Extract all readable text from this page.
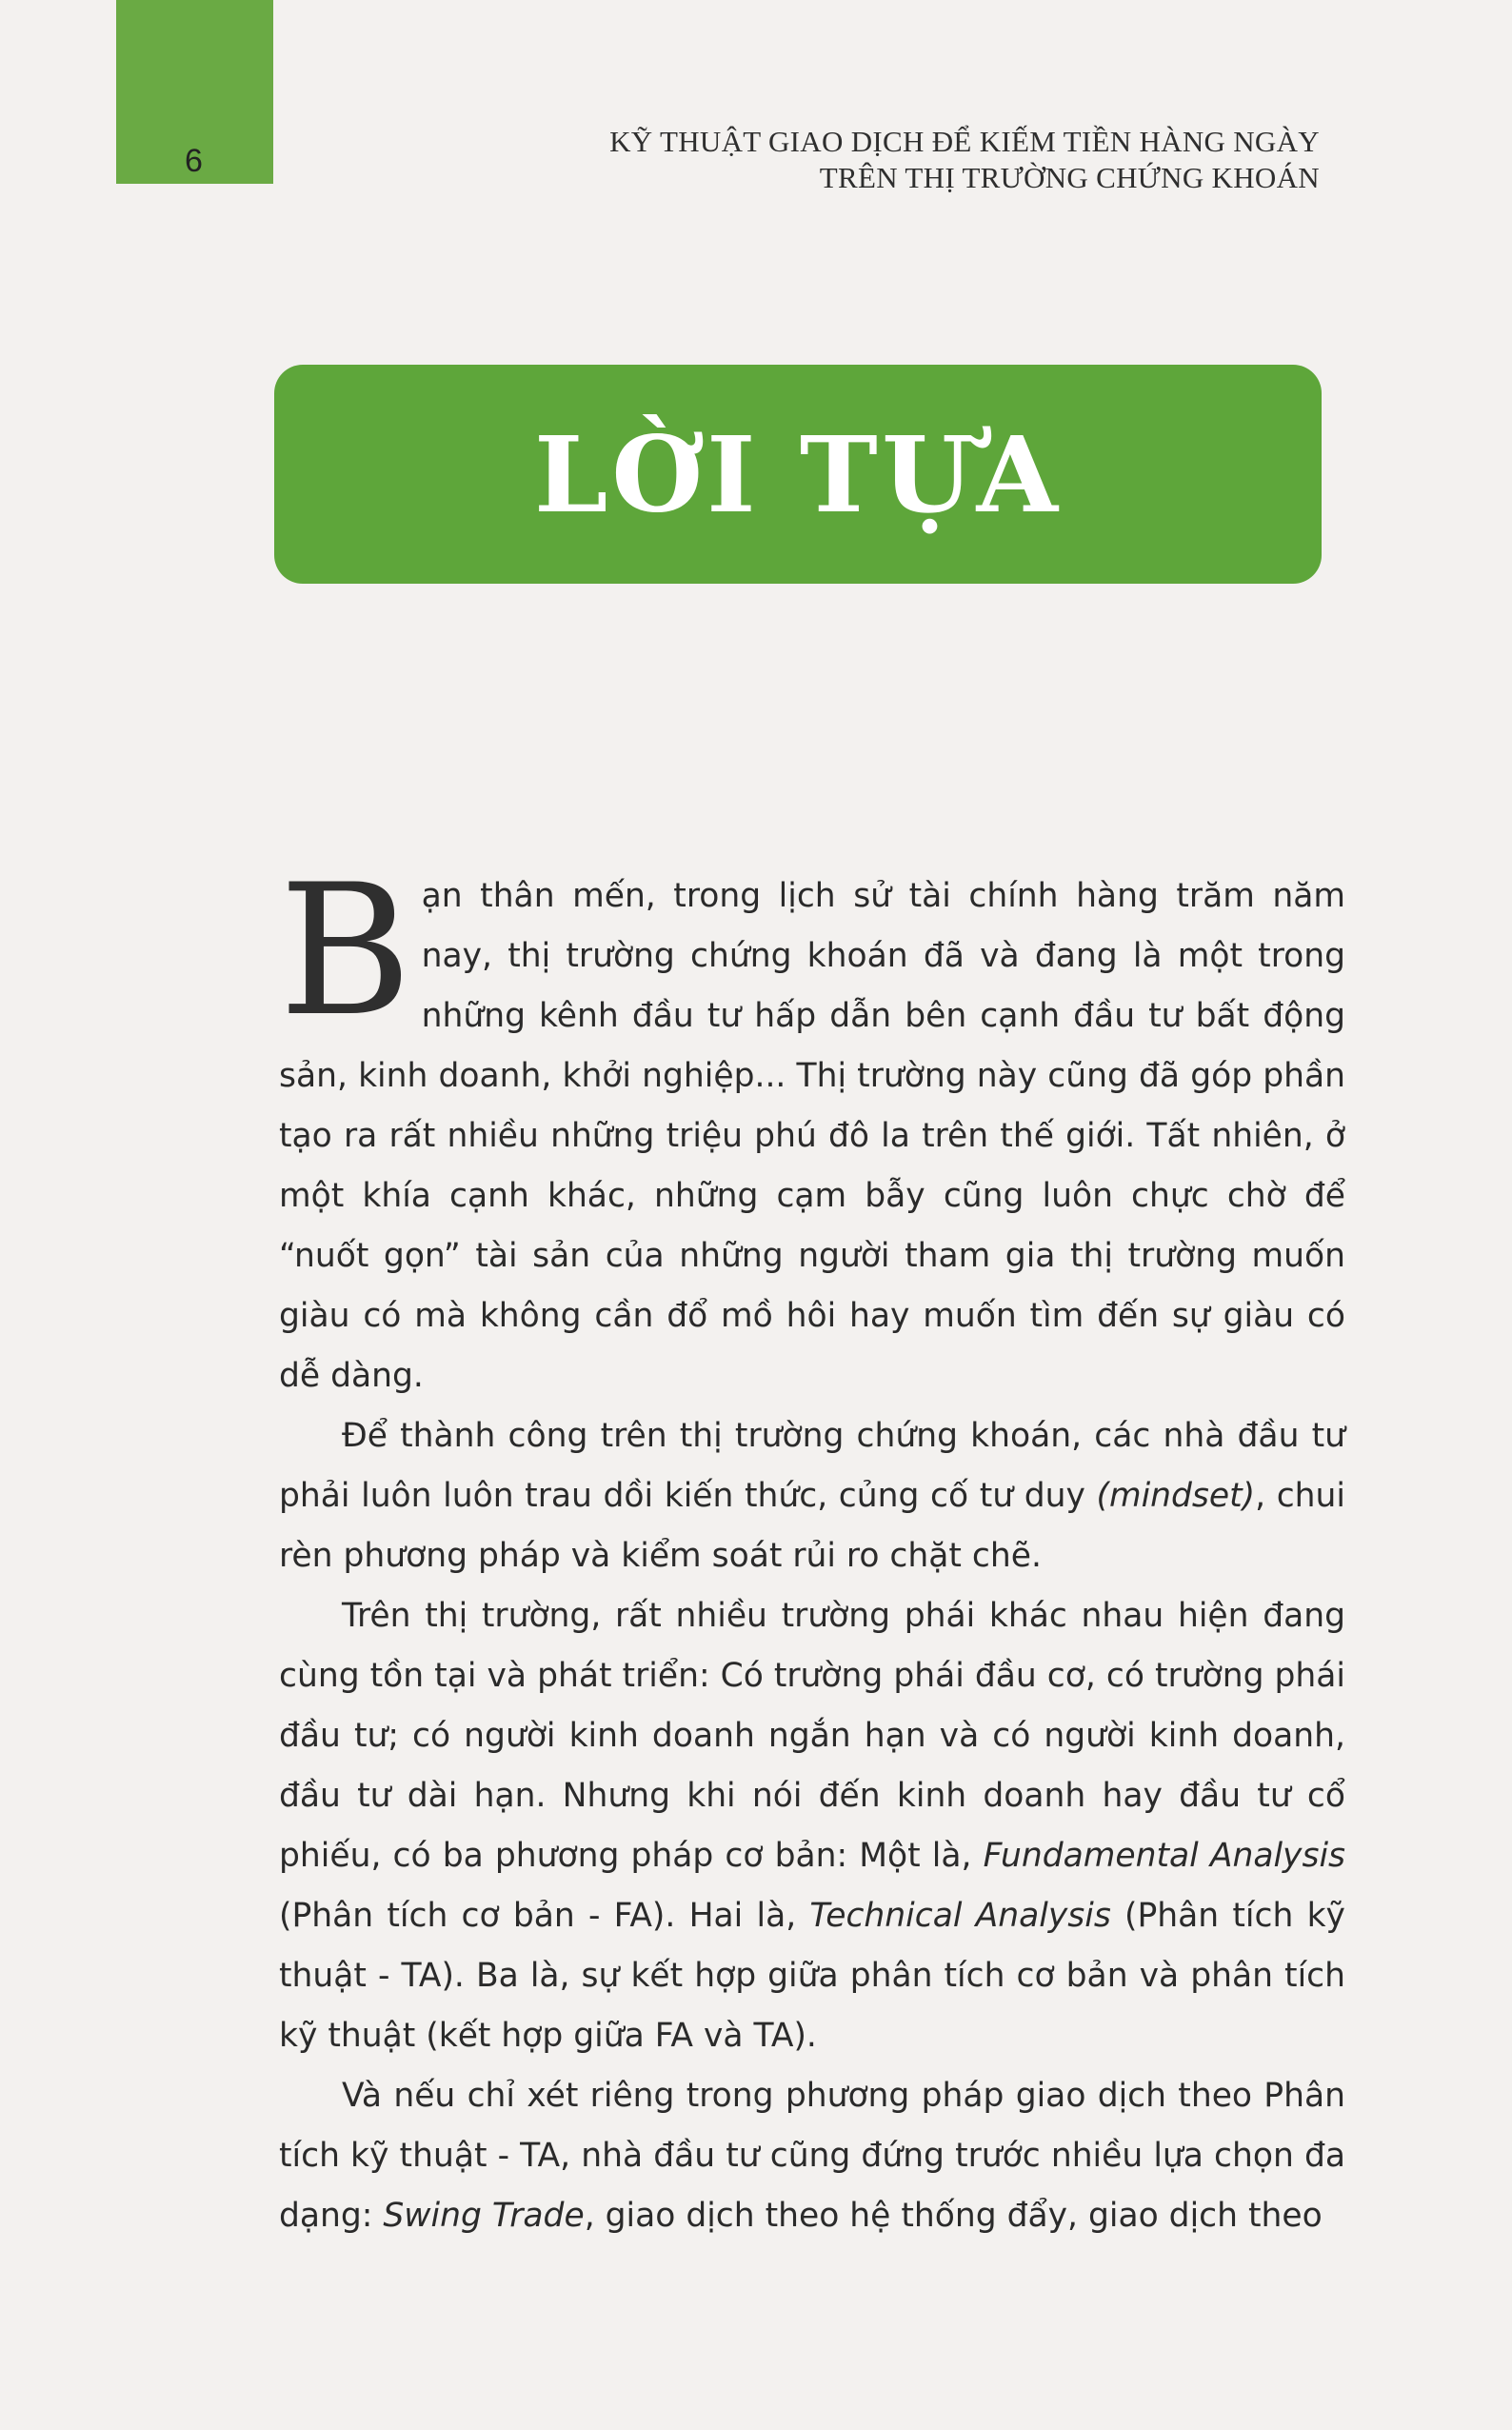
6
KỸ THUẬT GIAO DỊCH ĐỂ KIẾM TIỀN HÀNG NGÀY
TRÊN THỊ TRƯỜNG CHỨNG KHOÁN
LỜI TỰA

Bạn thân mến, trong lịch sử tài chính hàng trăm năm nay, thị trường chứng khoán đã và đang là một trong những kênh đầu tư hấp dẫn bên cạnh đầu tư bất động sản, kinh doanh, khởi nghiệp... Thị trường này cũng đã góp phần tạo ra rất nhiều những triệu phú đô la trên thế giới. Tất nhiên, ở một khía cạnh khác, những cạm bẫy cũng luôn chực chờ để “nuốt gọn” tài sản của những người tham gia thị trường muốn giàu có mà không cần đổ mồ hôi hay muốn tìm đến sự giàu có dễ dàng.

Để thành công trên thị trường chứng khoán, các nhà đầu tư phải luôn luôn trau dồi kiến thức, củng cố tư duy (mindset), chui rèn phương pháp và kiểm soát rủi ro chặt chẽ.

Trên thị trường, rất nhiều trường phái khác nhau hiện đang cùng tồn tại và phát triển: Có trường phái đầu cơ, có trường phái đầu tư; có người kinh doanh ngắn hạn và có người kinh doanh, đầu tư dài hạn. Nhưng khi nói đến kinh doanh hay đầu tư cổ phiếu, có ba phương pháp cơ bản: Một là, Fundamental Analysis (Phân tích cơ bản - FA). Hai là, Technical Analysis (Phân tích kỹ thuật - TA). Ba là, sự kết hợp giữa phân tích cơ bản và phân tích kỹ thuật (kết hợp giữa FA và TA).

Và nếu chỉ xét riêng trong phương pháp giao dịch theo Phân tích kỹ thuật - TA, nhà đầu tư cũng đứng trước nhiều lựa chọn đa dạng: Swing Trade, giao dịch theo hệ thống đẩy, giao dịch theo
